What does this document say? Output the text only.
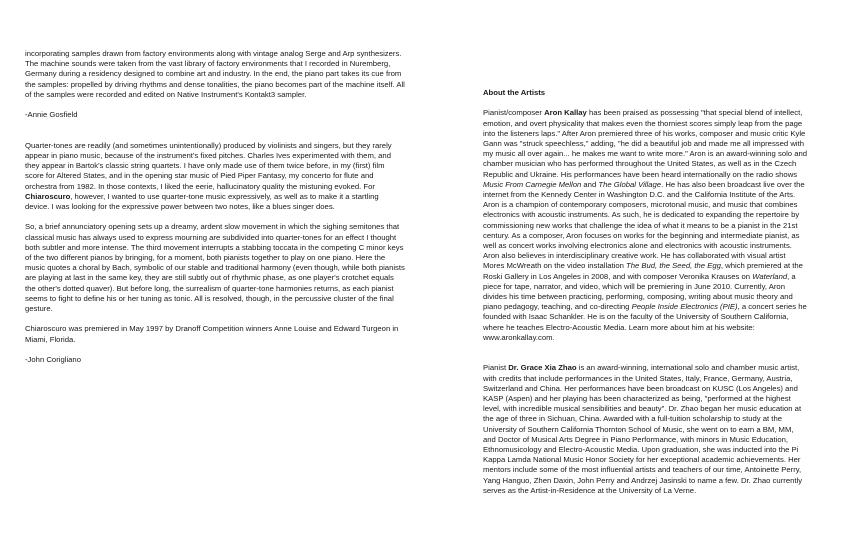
incorporating samples drawn from factory environments along with vintage analog Serge and Arp synthesizers. The machine sounds were taken from the vast library of factory environments that I recorded in Nuremberg, Germany during a residency designed to combine art and industry. In the end, the piano part takes its cue from the samples: propelled by driving rhythms and dense tonalities, the piano becomes part of the machine itself. All of the samples were recorded and edited on Native Instrument's Kontakt3 sampler.

-Annie Gosfield

Quarter-tones are readily (and sometimes unintentionally) produced by violinists and singers, but they rarely appear in piano music, because of the instrument's fixed pitches. Charles Ives experimented with them, and they appear in Bartok's classic string quartets. I have only made use of them twice before, in my (first) film score for Altered States, and in the opening star music of Pied Piper Fantasy, my concerto for flute and orchestra from 1982. In those contexts, I liked the eerie, hallucinatory quality the mistuning evoked. For Chiaroscuro, however, I wanted to use quarter-tone music expressively, as well as to make it a startling device. I was looking for the expressive power between two notes, like a blues singer does.

So, a brief annunciatory opening sets up a dreamy, ardent slow movement in which the sighing semitones that classical music has always used to express mourning are subdivided into quarter-tones for an effect I thought both subtler and more intense. The third movement interrupts a stabbing toccata in the competing C minor keys of the two different pianos by bringing, for a moment, both pianists together to play on one piano. Here the music quotes a choral by Bach, symbolic of our stable and traditional harmony (even though, while both pianists are playing at last in the same key, they are still subtly out of rhythmic phase, as one player's crotchet equals the other's dotted quaver). But before long, the surrealism of quarter-tone harmonies returns, as each pianist seems to fight to define his or her tuning as tonic. All is resolved, though, in the percussive cluster of the final gesture.

Chiaroscuro was premiered in May 1997 by Dranoff Competition winners Anne Louise and Edward Turgeon in Miami, Florida.

-John Corigliano

About the Artists

Pianist/composer Aron Kallay has been praised as possessing "that special blend of intellect, emotion, and overt physicality that makes even the thorniest scores simply leap from the page into the listeners laps." After Aron premiered three of his works, composer and music critic Kyle Gann was "struck speechless," adding, "he did a beautiful job and made me all impressed with my music all over again... he makes me want to write more." Aron is an award-winning solo and chamber musician who has performed throughout the United States, as well as in the Czech Republic and Ukraine. His performances have been heard internationally on the radio shows Music From Carnegie Mellon and The Global Village. He has also been broadcast live over the internet from the Kennedy Center in Washington D.C. and the California Institute of the Arts. Aron is a champion of contemporary composers, microtonal music, and music that combines electronics with acoustic instruments. As such, he is dedicated to expanding the repertoire by commissioning new works that challenge the idea of what it means to be a pianist in the 21st century. As a composer, Aron focuses on works for the beginning and intermediate pianist, as well as concert works involving electronics alone and electronics with acoustic instruments. Aron also believes in interdisciplinary creative work. He has collaborated with visual artist Mores McWreath on the video installation The Bud, the Seed, the Egg, which premiered at the Roski Gallery in Los Angeles in 2008, and with composer Veronika Krauses on Waterland, a piece for tape, narrator, and video, which will be premiering in June 2010. Currently, Aron divides his time between practicing, performing, composing, writing about music theory and piano pedagogy, teaching, and co-directing People Inside Electronics (PIE), a concert series he founded with Isaac Schankler. He is on the faculty of the University of Southern California, where he teaches Electro-Acoustic Media. Learn more about him at his website: www.aronkallay.com.

Pianist Dr. Grace Xia Zhao is an award-winning, international solo and chamber music artist, with credits that include performances in the United States, Italy, France, Germany, Austria, Switzerland and China. Her performances have been broadcast on KUSC (Los Angeles) and KASP (Aspen) and her playing has been characterized as being, "performed at the highest level, with incredible musical sensibilities and beauty". Dr. Zhao began her music education at the age of three in Sichuan, China. Awarded with a full-tuition scholarship to study at the University of Southern California Thornton School of Music, she went on to earn a BM, MM, and Doctor of Musical Arts Degree in Piano Performance, with minors in Music Education, Ethnomusicology and Electro-Acoustic Media. Upon graduation, she was inducted into the Pi Kappa Lamda National Music Honor Society for her exceptional academic achievements. Her mentors include some of the most influential artists and teachers of our time, Antoinette Perry, Yang Hanguo, Zhen Daxin, John Perry and Andrzej Jasinski to name a few. Dr. Zhao currently serves as the Artist-in-Residence at the University of La Verne.
